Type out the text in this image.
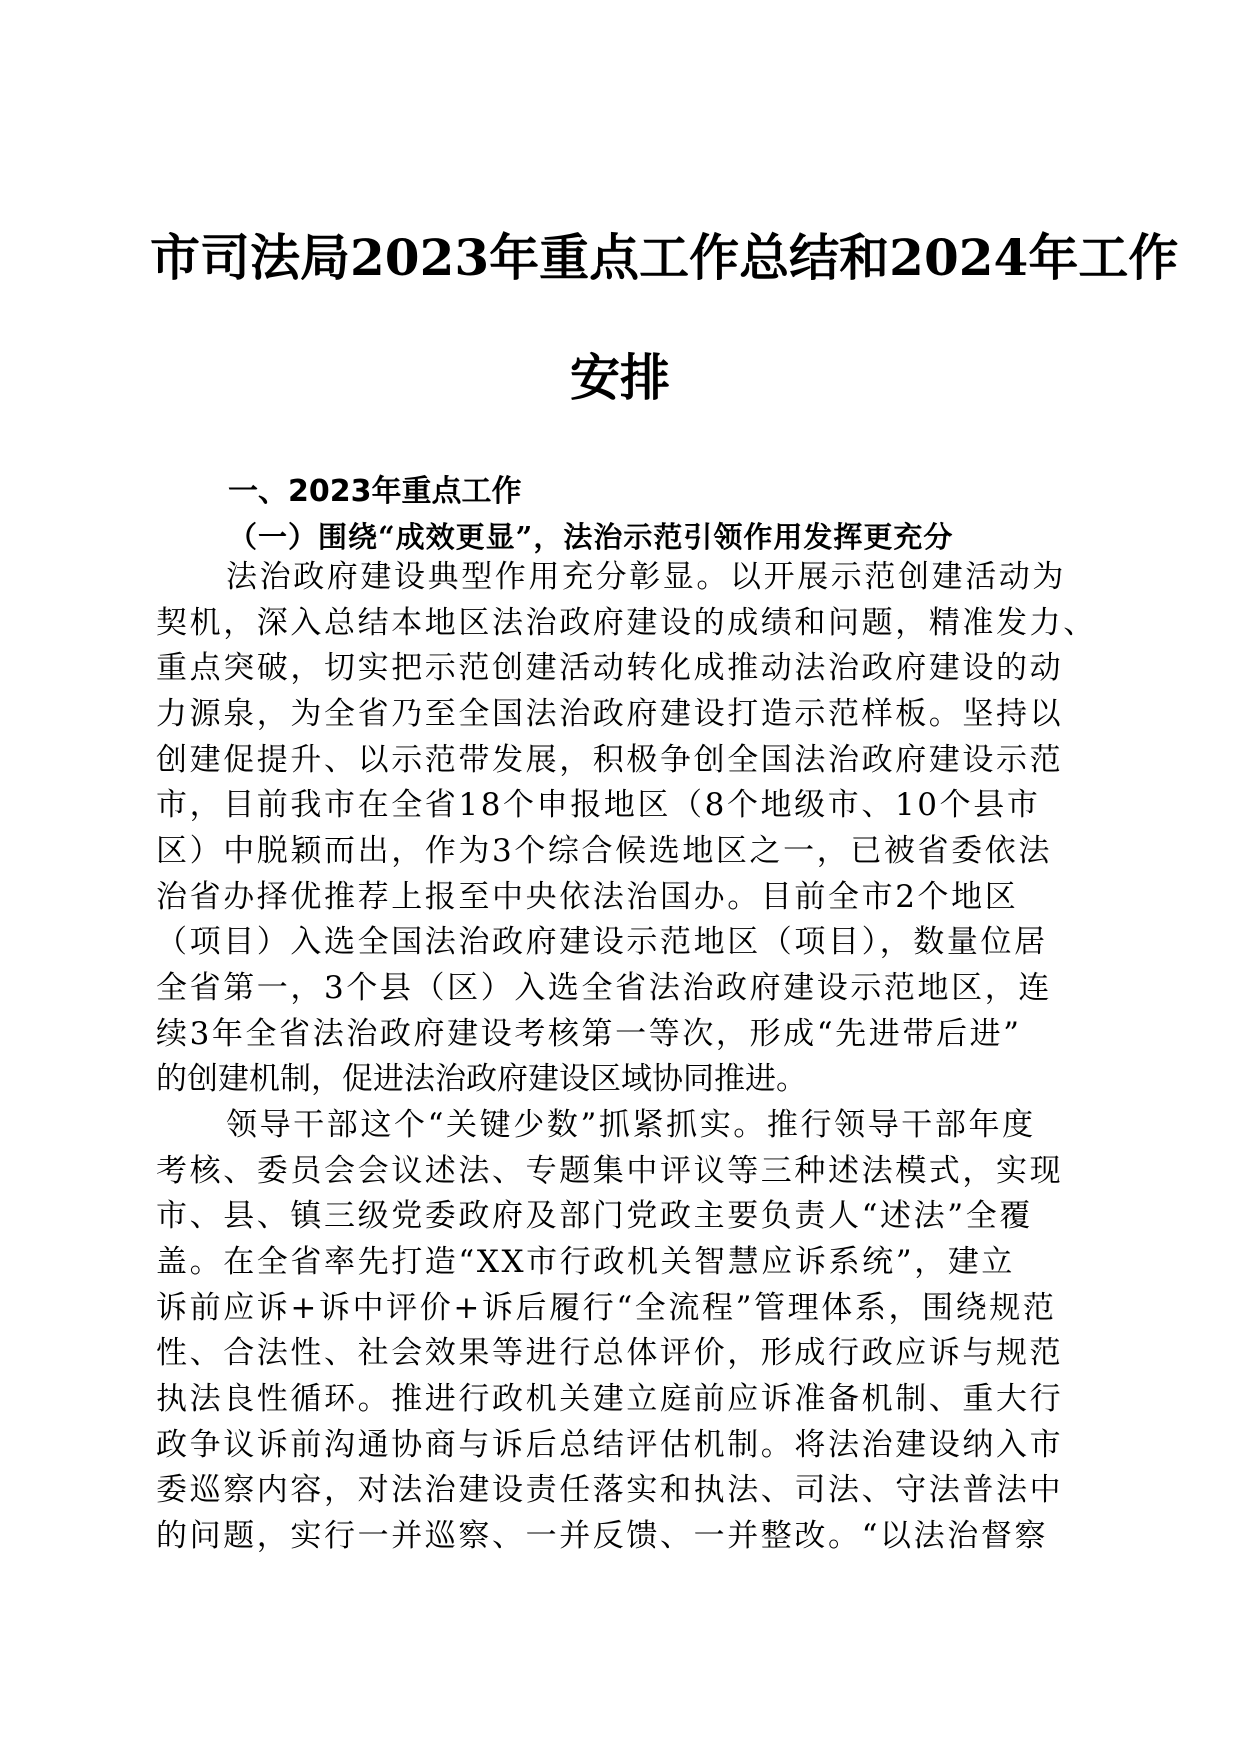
市司法局2023年重点工作总结和2024年工作
安排
一、2023年重点工作
（一）围绕“成效更显”，法治示范引领作用发挥更充分

法治政府建设典型作用充分彰显。以开展示范创建活动为

契机，深入总结本地区法治政府建设的成绩和问题，精准发力、

重点突破，切实把示范创建活动转化成推动法治政府建设的动

力源泉，为全省乃至全国法治政府建设打造示范样板。坚持以

创建促提升、以示范带发展，积极争创全国法治政府建设示范

市，目前我市在全省18个申报地区（8个地级市、10个县市

区）中脱颖而出，作为3个综合候选地区之一，已被省委依法

治省办择优推荐上报至中央依法治国办。目前全市2个地区

（项目）入选全国法治政府建设示范地区（项目），数量位居

全省第一，3个县（区）入选全省法治政府建设示范地区，连

续3年全省法治政府建设考核第一等次，形成“先进带后进”

的创建机制，促进法治政府建设区域协同推进。

领导干部这个“关键少数”抓紧抓实。推行领导干部年度

考核、委员会会议述法、专题集中评议等三种述法模式，实现

市、县、镇三级党委政府及部门党政主要负责人“述法”全覆

盖。在全省率先打造“XX市行政机关智慧应诉系统”，建立

诉前应诉+诉中评价+诉后履行“全流程”管理体系，围绕规范

性、合法性、社会效果等进行总体评价，形成行政应诉与规范

执法良性循环。推进行政机关建立庭前应诉准备机制、重大行

政争议诉前沟通协商与诉后总结评估机制。将法治建设纳入市

委巡察内容，对法治建设责任落实和执法、司法、守法普法中

的问题，实行一并巡察、一并反馈、一并整改。“以法治督察
